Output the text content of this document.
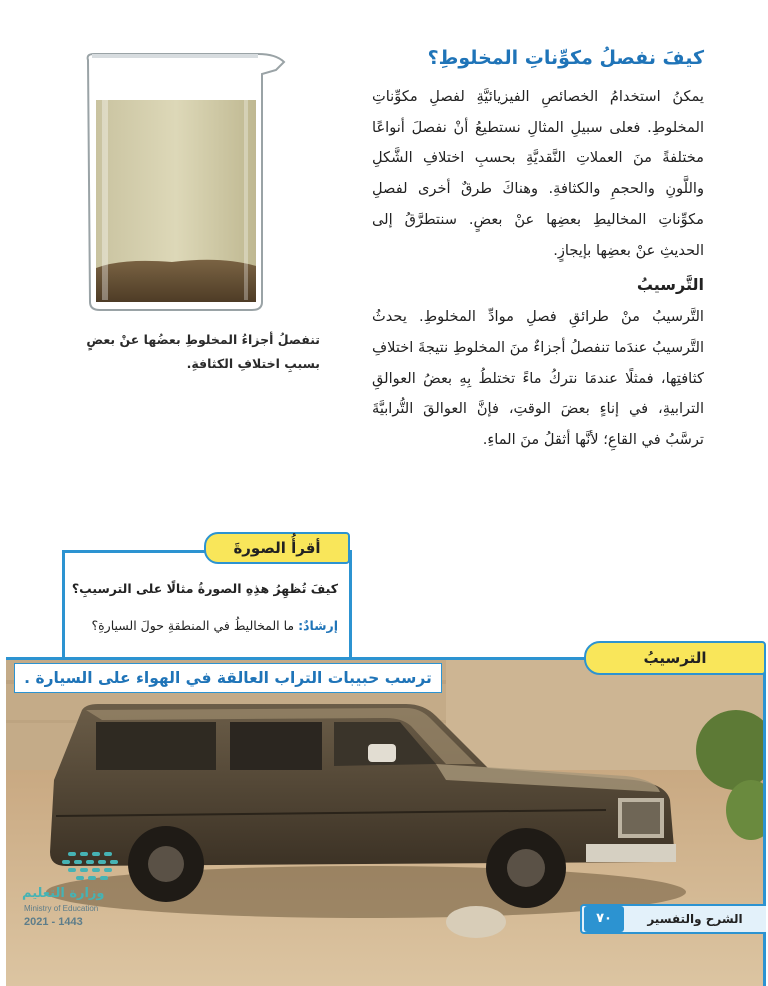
تنفصلُ أجزاءُ المخلوطِ بعضُها عنْ بعضٍ بسببِ اختلافِ الكثافةِ.
كيفَ نفصلُ مكوِّناتِ المخلوطِ؟

يمكنُ استخدامُ الخصائصِ الفيزيائيَّةِ لفصلِ مكوِّناتِ المخلوطِ. فعلى سبيلِ المثالِ نستطيعُ أنْ نفصلَ أنواعًا مختلفةً منَ العملاتِ النَّقديَّةِ بحسبِ اختلافِ الشَّكلِ واللَّونِ والحجمِ والكثافةِ. وهناكَ طرقٌ أخرى لفصلِ مكوِّناتِ المخاليطِ بعضِها عنْ بعضٍ. سنتطرَّقُ إلى الحديثِ عنْ بعضِها بإيجازٍ.

التَّرسيبُ

التَّرسيبُ منْ طرائقِ فصلِ موادِّ المخلوطِ. يحدثُ التَّرسيبُ عندَما تنفصلُ أجزاءٌ منَ المخلوطِ نتيجةَ اختلافِ كثافتِها، فمثلًا عندمَا نتركُ ماءً تختلطُ بِهِ بعضُ العوالقِ الترابيةِ، في إناءٍ بعضَ الوقتِ، فإنَّ العوالقَ التُّرابيَّةَ ترسَّبُ في القاعِ؛ لأنَّها أثقلُ منَ الماءِ.

أقرأُ الصورةَ
كيفَ تُظهِرُ هذِهِ الصورةُ مثالًا على الترسيبِ؟
إرشادٌ: ما المخاليطُ في المنطقةِ حولَ السيارةِ؟
الترسيبُ
ترسب حبيبات التراب العالقة في الهواء على السيارة .
وزارة التعليم
Ministry of Education
2021 - 1443	الشرح والتفسير
٧٠
